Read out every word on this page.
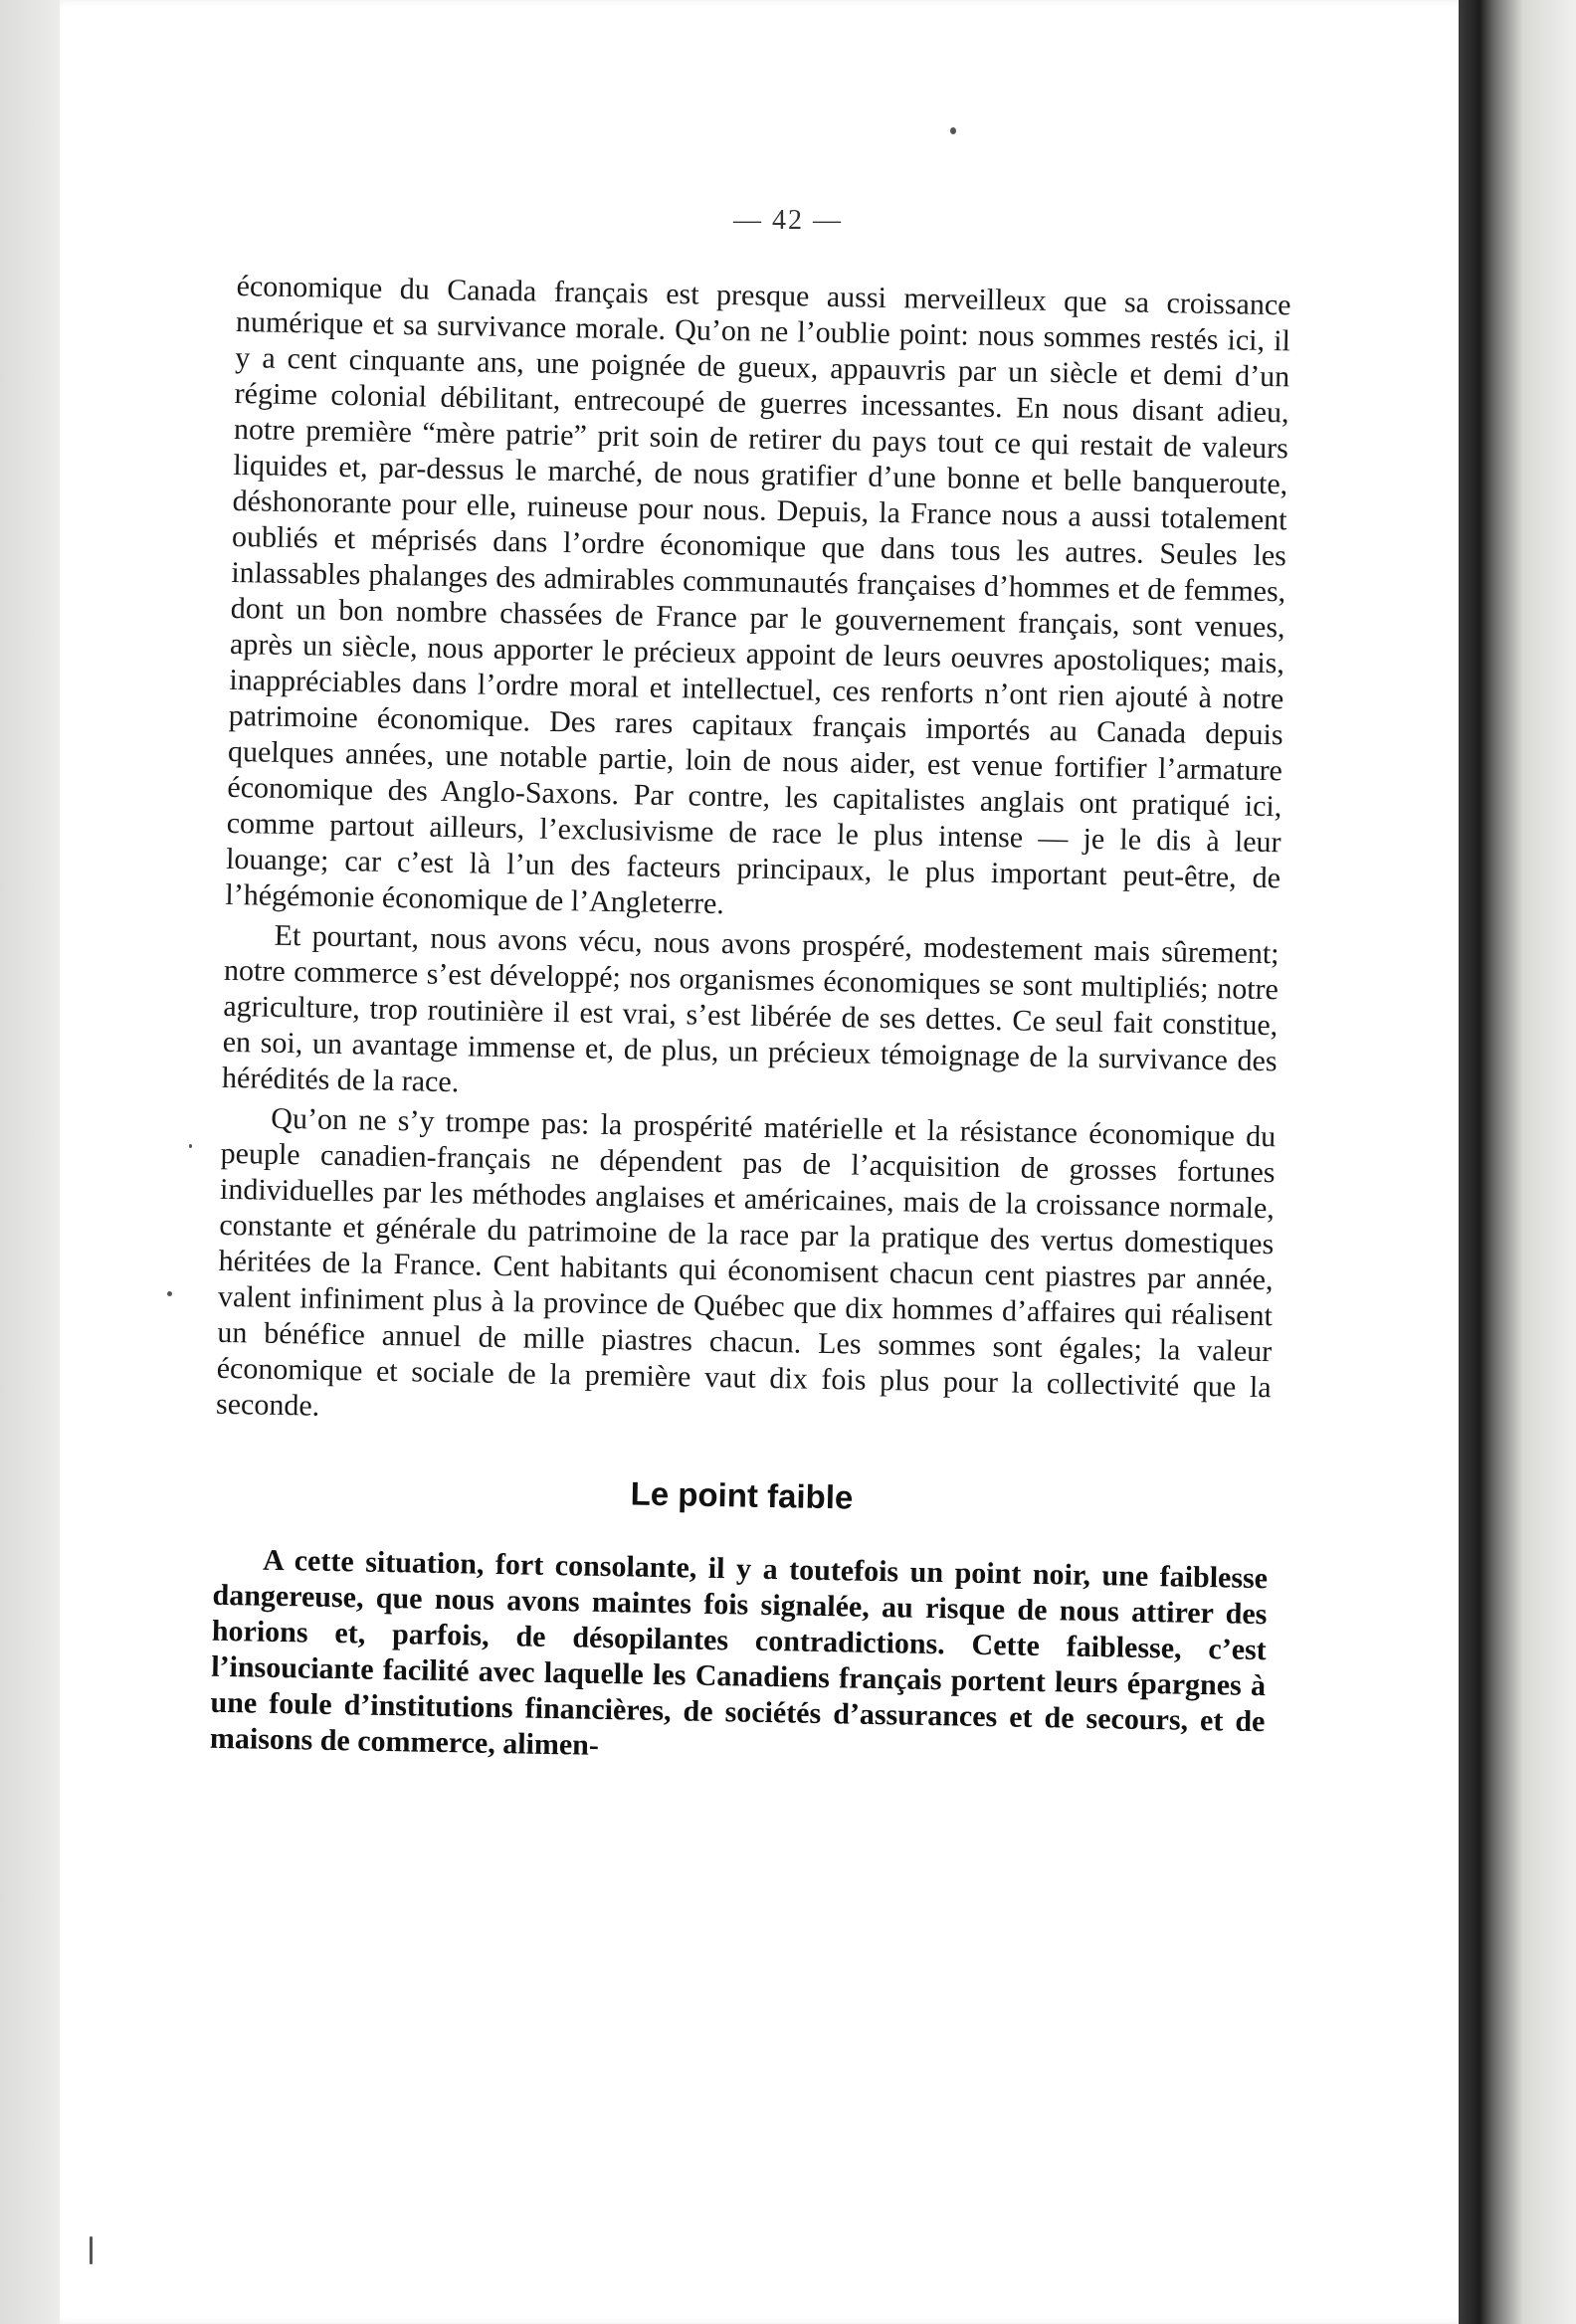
— 42 —

économique du Canada français est presque aussi merveilleux que sa croissance numérique et sa survivance morale. Qu’on ne l’oublie point: nous sommes restés ici, il y a cent cinquante ans, une poignée de gueux, appauvris par un siècle et demi d’un régime colonial débilitant, entrecoupé de guerres incessantes. En nous disant adieu, notre première “mère patrie” prit soin de retirer du pays tout ce qui restait de valeurs liquides et, par-dessus le marché, de nous gratifier d’une bonne et belle banqueroute, déshonorante pour elle, ruineuse pour nous. Depuis, la France nous a aussi totalement oubliés et méprisés dans l’ordre économique que dans tous les autres. Seules les inlassables phalanges des admirables communautés françaises d’hommes et de femmes, dont un bon nombre chassées de France par le gouvernement français, sont venues, après un siècle, nous apporter le précieux appoint de leurs oeuvres apostoliques; mais, inappréciables dans l’ordre moral et intellectuel, ces renforts n’ont rien ajouté à notre patrimoine économique. Des rares capitaux français importés au Canada depuis quelques années, une notable partie, loin de nous aider, est venue fortifier l’armature économique des Anglo-Saxons. Par contre, les capitalistes anglais ont pratiqué ici, comme partout ailleurs, l’exclusivisme de race le plus intense — je le dis à leur louange; car c’est là l’un des facteurs principaux, le plus important peut-être, de l’hégémonie économique de l’Angleterre.

Et pourtant, nous avons vécu, nous avons prospéré, modestement mais sûrement; notre commerce s’est développé; nos organismes économiques se sont multipliés; notre agriculture, trop routinière il est vrai, s’est libérée de ses dettes. Ce seul fait constitue, en soi, un avantage immense et, de plus, un précieux témoignage de la survivance des hérédités de la race.

Qu’on ne s’y trompe pas: la prospérité matérielle et la résistance économique du peuple canadien-français ne dépendent pas de l’acquisition de grosses fortunes individuelles par les méthodes anglaises et américaines, mais de la croissance normale, constante et générale du patrimoine de la race par la pratique des vertus domestiques héritées de la France. Cent habitants qui économisent chacun cent piastres par année, valent infiniment plus à la province de Québec que dix hommes d’affaires qui réalisent un bénéfice annuel de mille piastres chacun. Les sommes sont égales; la valeur économique et sociale de la première vaut dix fois plus pour la collectivité que la seconde.

Le point faible

A cette situation, fort consolante, il y a toutefois un point noir, une faiblesse dangereuse, que nous avons maintes fois signalée, au risque de nous attirer des horions et, parfois, de désopilantes contradictions. Cette faiblesse, c’est l’insouciante facilité avec laquelle les Canadiens français portent leurs épargnes à une foule d’institutions financières, de sociétés d’assurances et de secours, et de maisons de commerce, alimen-
